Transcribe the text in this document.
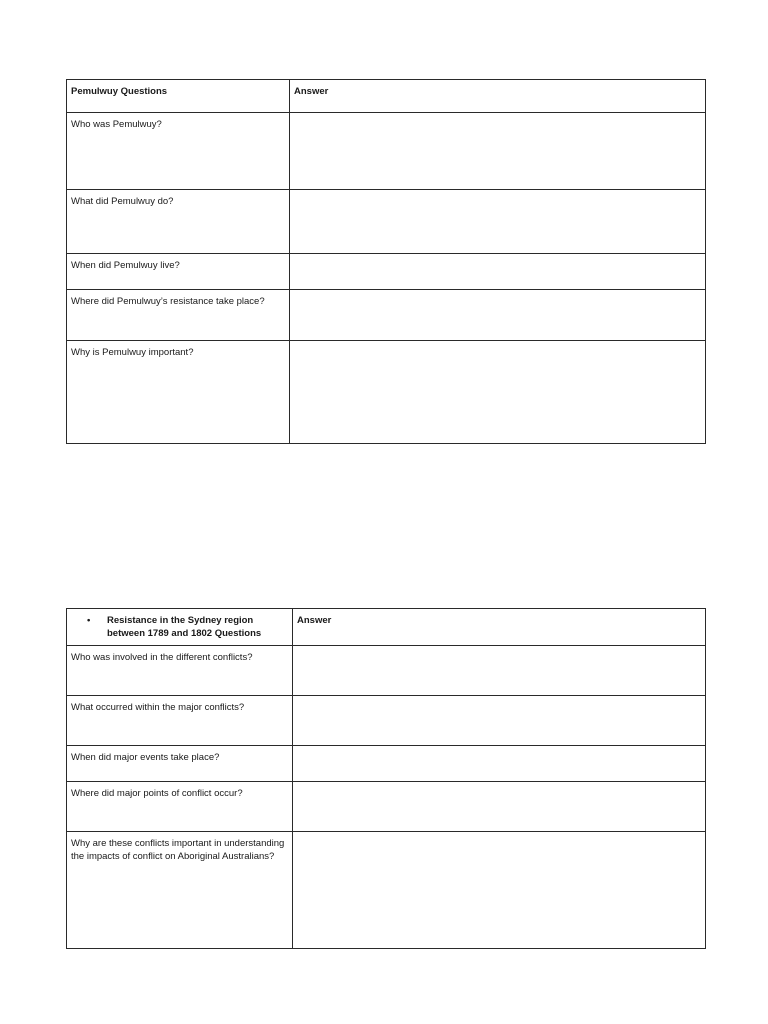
Pemulwuy Questions	Answer
Who was Pemulwuy?	
What did Pemulwuy do?	
When did Pemulwuy live?	
Where did Pemulwuy’s resistance take place?	
Why is Pemulwuy important?	
• Resistance in the Sydney region between 1789 and 1802 Questions	Answer
Who was involved in the different conflicts?	
What occurred within the major conflicts?	
When did major events take place?	
Where did major points of conflict occur?	
Why are these conflicts important in understanding the impacts of conflict on Aboriginal Australians?	
